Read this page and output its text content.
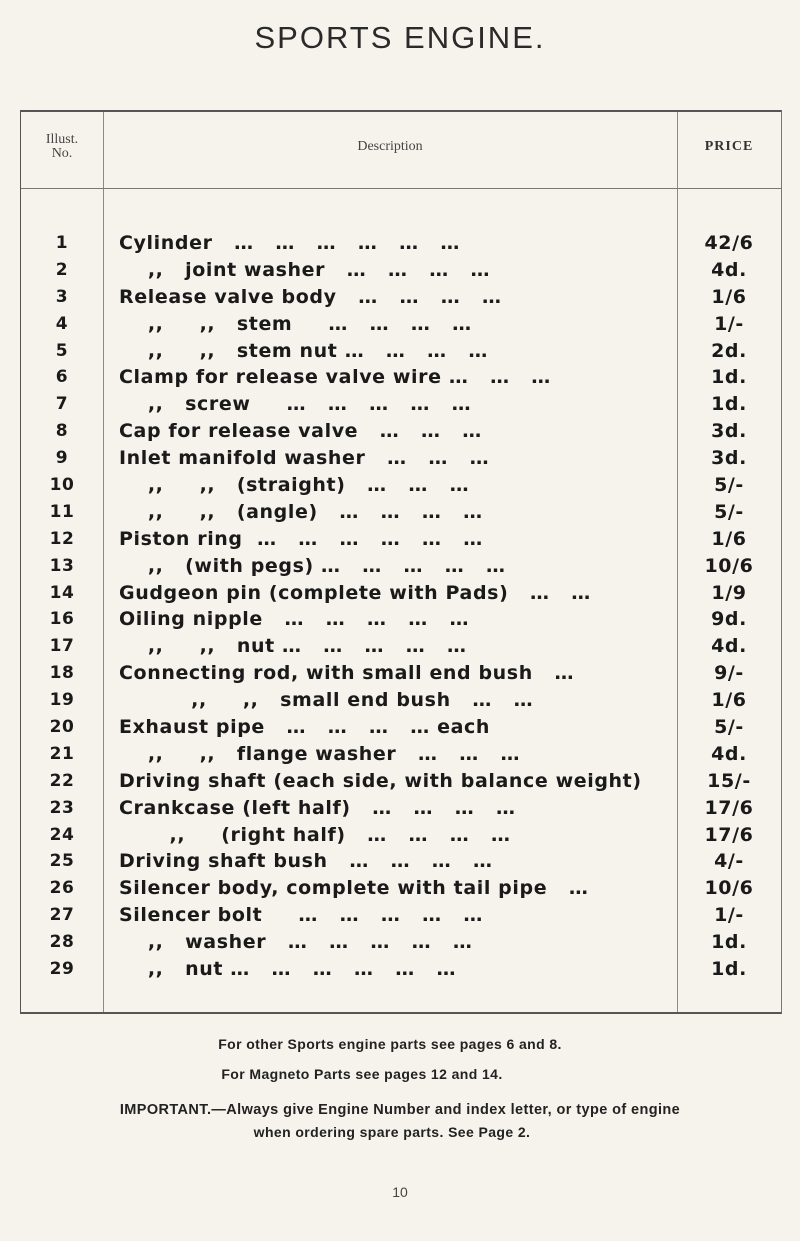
SPORTS ENGINE.
Illust.
No.	Description	PRICE
1	Cylinder   …   …   …   …   …   …	42/6
2	,,   joint washer   …   …   …   …	4d.
3	Release valve body   …   …   …   …	1/6
4	,,     ,,   stem     …   …   …   …	1/-
5	,,     ,,   stem nut …   …   …   …	2d.
6	Clamp for release valve wire …   …   …	1d.
7	,,   screw     …   …   …   …   …	1d.
8	Cap for release valve   …   …   …	3d.
9	Inlet manifold washer   …   …   …	3d.
10	,,     ,,   (straight)   …   …   …	5/-
11	,,     ,,   (angle)   …   …   …   …	5/-
12	Piston ring  …   …   …   …   …   …	1/6
13	,,   (with pegs) …   …   …   …   …	10/6
14	Gudgeon pin (complete with Pads)   …   …	1/9
16	Oiling nipple   …   …   …   …   …	9d.
17	,,     ,,   nut …   …   …   …   …	4d.
18	Connecting rod, with small end bush   …	9/-
19	,,     ,,   small end bush   …   …	1/6
20	Exhaust pipe   …   …   …   … each	5/-
21	,,     ,,   flange washer   …   …   …	4d.
22	Driving shaft (each side, with balance weight)	15/-
23	Crankcase (left half)   …   …   …   …	17/6
24	,,     (right half)   …   …   …   …	17/6
25	Driving shaft bush   …   …   …   …	4/-
26	Silencer body, complete with tail pipe   …	10/6
27	Silencer bolt     …   …   …   …   …	1/-
28	,,   washer   …   …   …   …   …	1d.
29	,,   nut …   …   …   …   …   …	1d.
For other Sports engine parts see pages 6 and 8.
For Magneto Parts see pages 12 and 14.
IMPORTANT.—Always give Engine Number and index letter, or type of engine
when ordering spare parts. See Page 2.
10
